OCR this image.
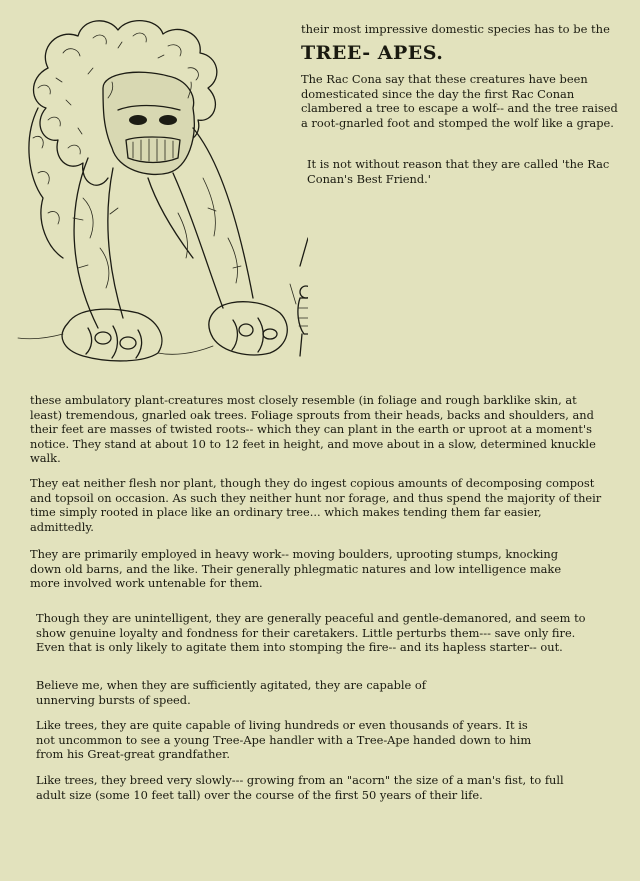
their most impressive domestic species has to be the

TREE- APES.

The Rac Cona say that these creatures have been domesticated since the day the first Rac Conan clambered a tree to escape a wolf-- and the tree raised a root-gnarled foot and stomped the wolf like a grape.

It is not without reason that they are called 'the Rac Conan's Best Friend.'

these ambulatory plant-creatures most closely resemble (in foliage and rough barklike skin, at least) tremendous, gnarled oak trees. Foliage sprouts from their heads, backs and shoulders, and their feet are masses of twisted roots-- which they can plant in the earth or uproot at a moment's notice. They stand at about 10 to 12 feet in height, and move about in a slow, determined knuckle walk.

They eat neither flesh nor plant, though they do ingest copious amounts of decomposing compost and topsoil on occasion. As such they neither hunt nor forage, and thus spend the majority of their time simply rooted in place like an ordinary tree... which makes tending them far easier, admittedly.

They are primarily employed in heavy work-- moving boulders, uprooting stumps, knocking down old barns, and the like. Their generally phlegmatic natures and low intelligence make more involved work untenable for them.

Though they are unintelligent, they are generally peaceful and gentle-demanored, and seem to show genuine loyalty and fondness for their caretakers. Little perturbs them--- save only fire. Even that is only likely to agitate them into stomping the fire-- and its hapless starter-- out.

Believe me, when they are sufficiently agitated, they are capable of unnerving bursts of speed.

Like trees, they are quite capable of living hundreds or even thousands of years. It is not uncommon to see a young Tree-Ape handler with a Tree-Ape handed down to him from his Great-great grandfather.

Like trees, they breed very slowly--- growing from an "acorn" the size of a man's fist, to full adult size (some 10 feet tall) over the course of the first 50 years of their life.
